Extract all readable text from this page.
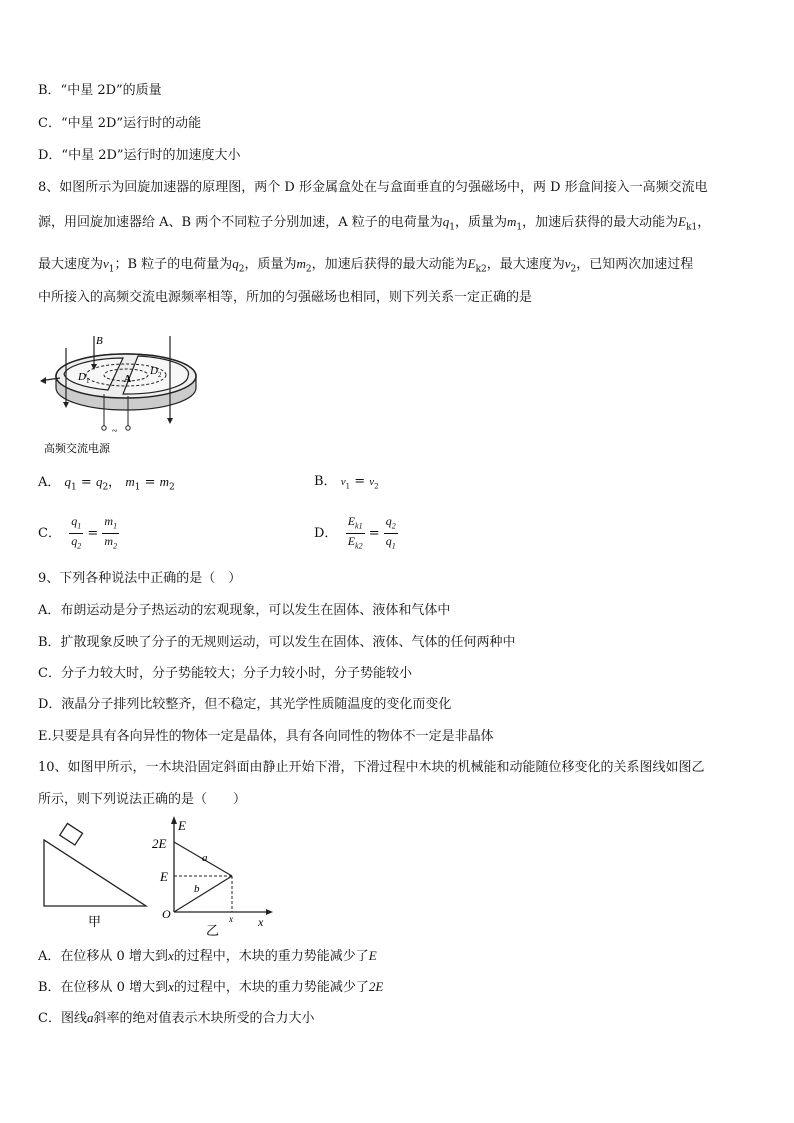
B．“中星 2D”的质量
C．“中星 2D”运行时的动能
D．“中星 2D”运行时的加速度大小
8、如图所示为回旋加速器的原理图，两个 D 形金属盒处在与盒面垂直的匀强磁场中，两 D 形盒间接入一高频交流电
源，用回旋加速器给 A、B 两个不同粒子分别加速，A 粒子的电荷量为$q_1$，质量为$m_1$，加速后获得的最大动能为$E_{k1}$，
最大速度为$v_1$；B 粒子的电荷量为$q_2$，质量为$m_2$，加速后获得的最大动能为$E_{k2}$，最大速度为$v_2$，已知两次加速过程
中所接入的高频交流电源频率相等，所加的匀强磁场也相同，则下列关系一定正确的是
~
B
D 1
D 2
A
高频交流电源
A． $q_1 = q_2$， $m_1 = m_2$	B． $v_1 = v_2$
C． $\frac{q_1}{q_2} = \frac{m_1}{m_2}$	D． $\frac{E_{k1}}{E_{k2}} = \frac{q_2}{q_1}$
9、下列各种说法中正确的是（　）
A．布朗运动是分子热运动的宏观现象，可以发生在固体、液体和气体中
B．扩散现象反映了分子的无规则运动，可以发生在固体、液体、气体的任何两种中
C．分子力较大时，分子势能较大；分子力较小时，分子势能较小
D．液晶分子排列比较整齐，但不稳定，其光学性质随温度的变化而变化
E.只要是具有各向异性的物体一定是晶体，具有各向同性的物体不一定是非晶体
10、如图甲所示，一木块沿固定斜面由静止开始下滑，下滑过程中木块的机械能和动能随位移变化的关系图线如图乙
所示，则下列说法正确的是（　　）
甲
E
2E
E
a
b
O	x x
乙
A．在位移从 0 增大到x的过程中，木块的重力势能减少了E
B．在位移从 0 增大到x的过程中，木块的重力势能减少了2E
C．图线a斜率的绝对值表示木块所受的合力大小
